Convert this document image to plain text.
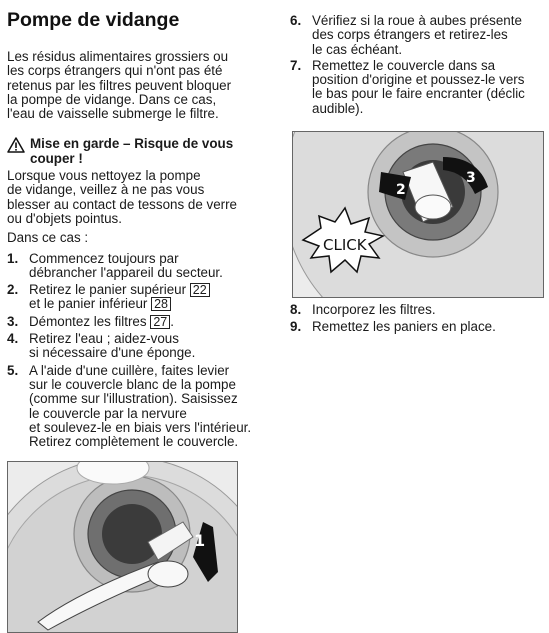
Pompe de vidange

Les résidus alimentaires grossiers ou

les corps étrangers qui n'ont pas été

retenus par les filtres peuvent bloquer

la pompe de vidange. Dans ce cas,

l'eau de vaisselle submerge le filtre.

Mise en garde – Risque de vous
couper !

Lorsque vous nettoyez la pompe

de vidange, veillez à ne pas vous

blesser au contact de tessons de verre

ou d'objets pointus.

Dans ce cas :

1. Commencez toujours par
débrancher l'appareil du secteur.
2. Retirez le panier supérieur 22
et le panier inférieur 28
3. Démontez les filtres 27 .
4. Retirez l'eau ; aidez-vous
si nécessaire d'une éponge.
5. A l'aide d'une cuillère, faites levier
sur le couvercle blanc de la pompe
(comme sur l'illustration). Saisissez
le couvercle par la nervure
et soulevez-le en biais vers l'intérieur.
Retirez complètement le couvercle.
1
6. Vérifiez si la roue à aubes présente
des corps étrangers et retirez-les
le cas échéant.
7. Remettez le couvercle dans sa
position d'origine et poussez-le vers
le bas pour le faire encranter (déclic
audible).
2
3
CLICK
8. Incorporez les filtres.
9. Remettez les paniers en place.
